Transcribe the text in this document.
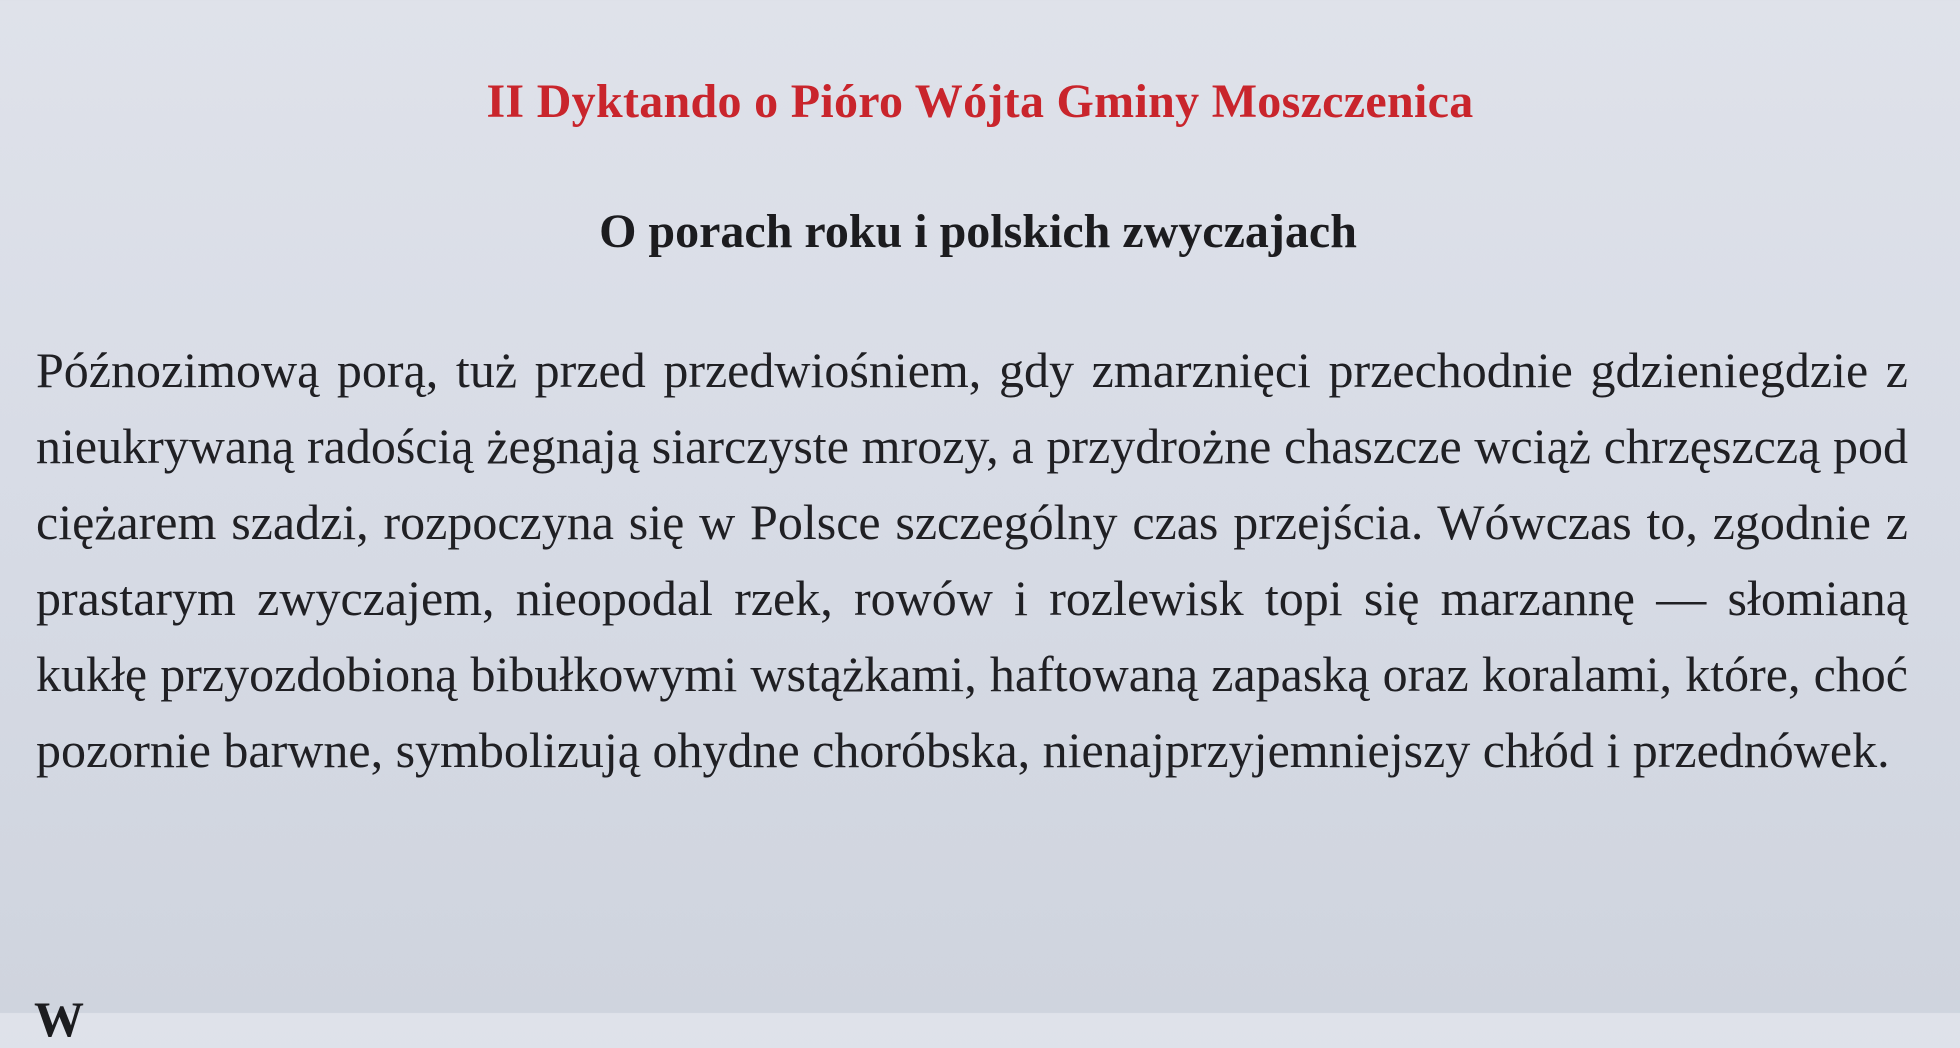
II Dyktando o Pióro Wójta Gminy Moszczenica
O porach roku i polskich zwyczajach

Późnozimową porą, tuż przed przedwiośniem, gdy zmarznięci przechodnie gdzieniegdzie z nieukrywaną radością żegnają siarczyste mrozy, a przydrożne chaszcze wciąż chrzęszczą pod ciężarem szadzi, rozpoczyna się w Polsce szczególny czas przejścia. Wówczas to, zgodnie z prastarym zwyczajem, nieopodal rzek, rowów i rozlewisk topi się marzannę — słomianą kukłę przyozdobioną bibułkowymi wstążkami, haftowaną zapaską oraz koralami, które, choć pozornie barwne, symbolizują ohydne choróbska, nienajprzyjemniejszy chłód i przednówek.

W
